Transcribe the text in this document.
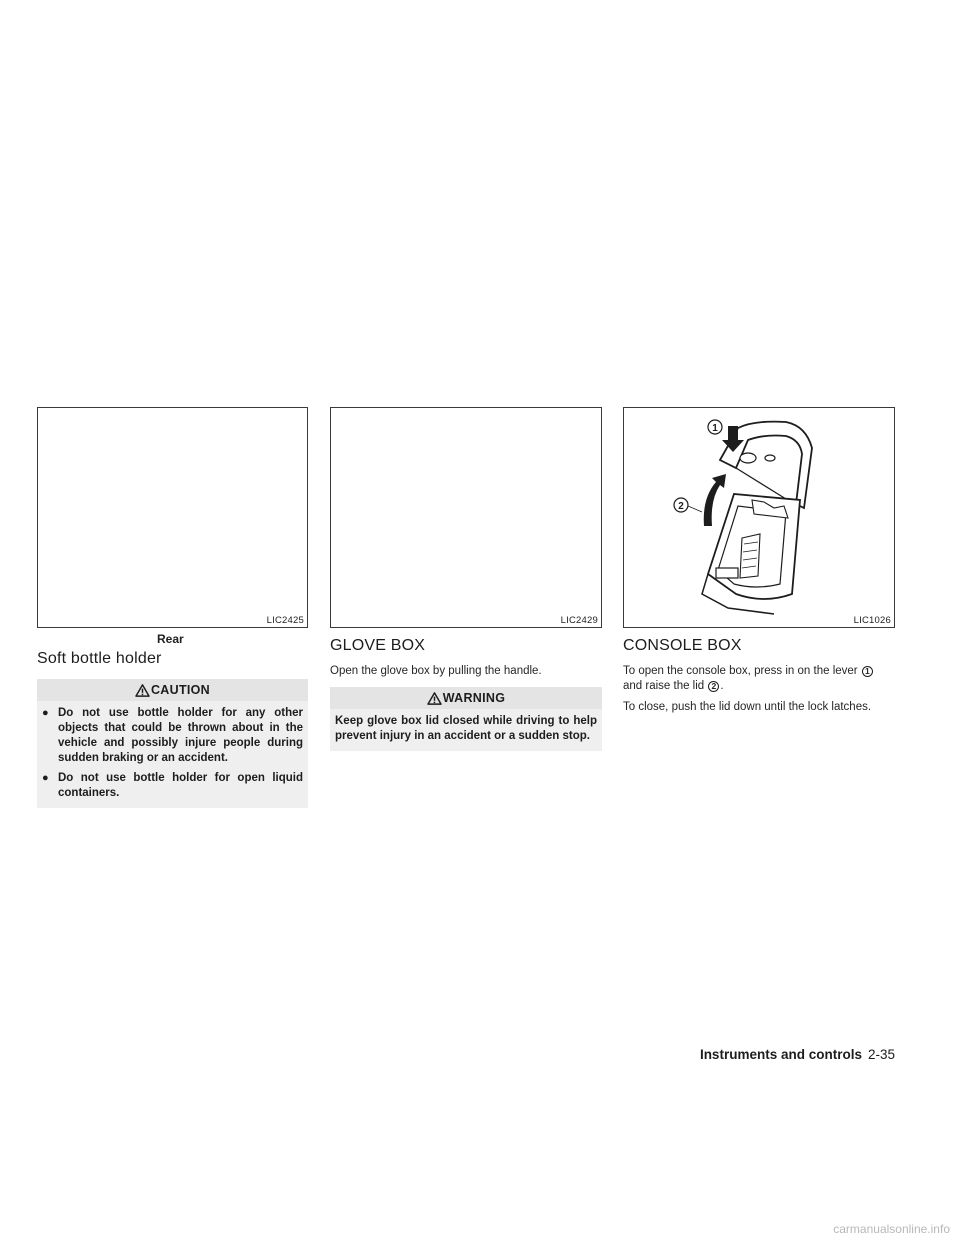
LIC2425
Rear
Soft bottle holder
CAUTION
● Do not use bottle holder for any other objects that could be thrown about in the vehicle and possibly injure people during sudden braking or an accident.
● Do not use bottle holder for open liquid containers.
LIC2429
GLOVE BOX

Open the glove box by pulling the handle.

WARNING
Keep glove box lid closed while driving to help prevent injury in an accident or a sudden stop.
1
2
LIC1026
CONSOLE BOX

To open the console box, press in on the lever 1
and raise the lid 2 .

To close, push the lid down until the lock latches.

Instruments and controls 2-35
carmanualsonline.info
